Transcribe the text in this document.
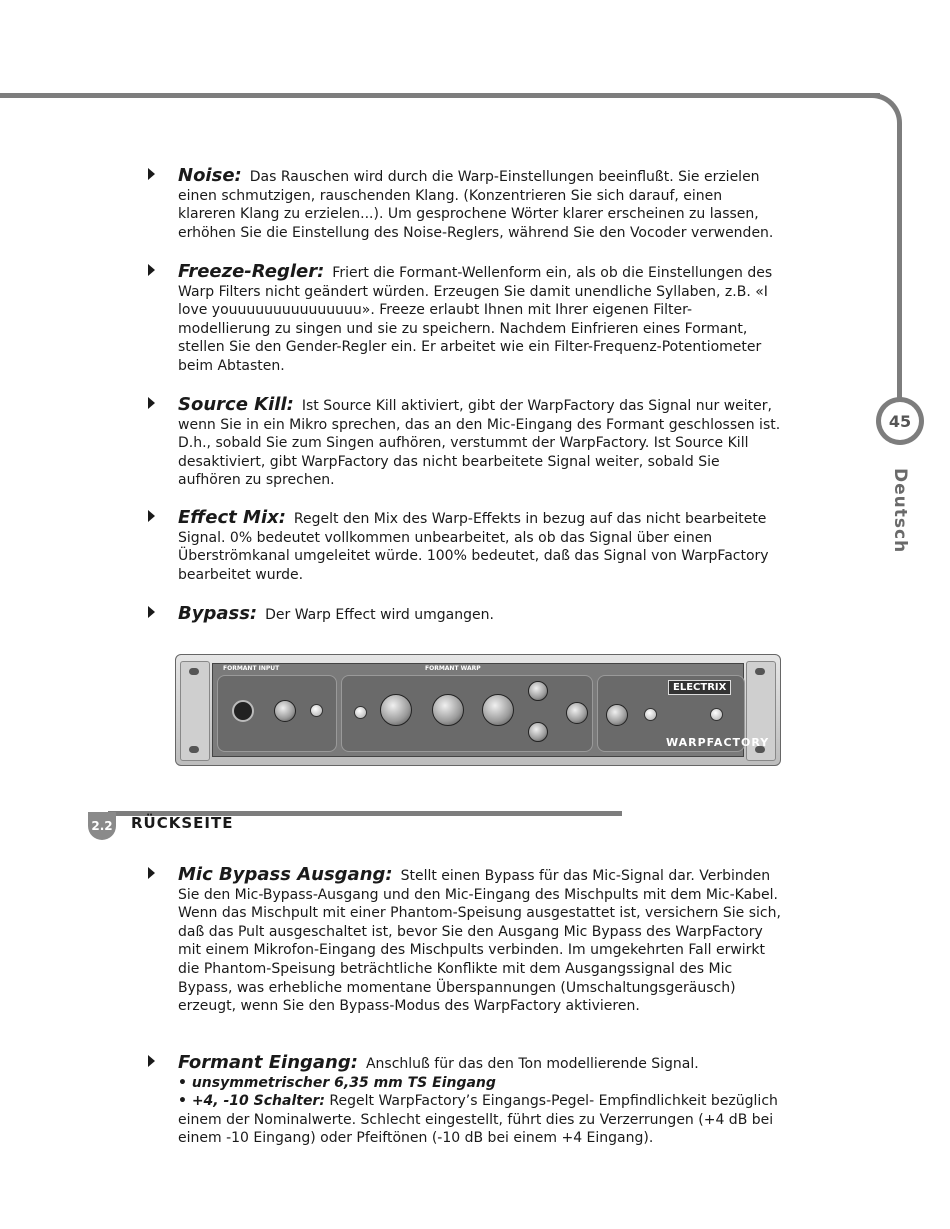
45
Deutsch
Noise: Das Rauschen wird durch die Warp-Einstellungen beeinflußt. Sie erzielen einen schmutzigen, rauschenden Klang. (Konzentrieren Sie sich darauf, einen klareren Klang zu erzielen...). Um gesprochene Wörter klarer erscheinen zu lassen, erhöhen Sie die Einstellung des Noise-Reglers, während Sie den Vocoder verwenden.
Freeze-Regler: Friert die Formant-Wellenform ein, als ob die Einstellungen des Warp Filters nicht geändert würden. Erzeugen Sie damit unendliche Syllaben, z.B. «I love youuuuuuuuuuuuuuu». Freeze erlaubt Ihnen mit Ihrer eigenen Filter-modellierung zu singen und sie zu speichern. Nachdem Einfrieren eines Formant, stellen Sie den Gender-Regler ein. Er arbeitet wie ein Filter-Frequenz-Potentiometer beim Abtasten.
Source Kill: Ist Source Kill aktiviert, gibt der WarpFactory das Signal nur weiter, wenn Sie in ein Mikro sprechen, das an den Mic-Eingang des Formant geschlossen ist. D.h., sobald Sie zum Singen aufhören, verstummt der WarpFactory. Ist Source Kill desaktiviert, gibt WarpFactory das nicht bearbeitete Signal weiter, sobald Sie aufhören zu sprechen.
Effect Mix: Regelt den Mix des Warp-Effekts in bezug auf das nicht bearbeitete Signal. 0% bedeutet vollkommen unbearbeitet, als ob das Signal über einen Überströmkanal umgeleitet würde. 100% bedeutet, daß das Signal von WarpFactory bearbeitet wurde.
Bypass: Der Warp Effect wird umgangen.
FORMANT INPUT	FORMANT WARP
ELECTRIX
WARPFACTORY
2.2 RÜCKSEITE
Mic Bypass Ausgang: Stellt einen Bypass für das Mic-Signal dar. Verbinden Sie den Mic-Bypass-Ausgang und den Mic-Eingang des Mischpults mit dem Mic-Kabel. Wenn das Mischpult mit einer Phantom-Speisung ausgestattet ist, versichern Sie sich, daß das Pult ausgeschaltet ist, bevor Sie den Ausgang Mic Bypass des WarpFactory mit einem Mikrofon-Eingang des Mischpults verbinden. Im umgekehrten Fall erwirkt die Phantom-Speisung beträchtliche Konflikte mit dem Ausgangssignal des Mic Bypass, was erhebliche momentane Überspannungen (Umschaltungsgeräusch) erzeugt, wenn Sie den Bypass-Modus des WarpFactory aktivieren.
Formant Eingang: Anschluß für das den Ton modellierende Signal.
• unsymmetrischer 6,35 mm TS Eingang
• +4, -10 Schalter: Regelt WarpFactory’s Eingangs-Pegel- Empfindlichkeit bezüglich einem der Nominalwerte. Schlecht eingestellt, führt dies zu Verzerrungen (+4 dB bei einem -10 Eingang) oder Pfeiftönen (-10 dB bei einem +4 Eingang).
